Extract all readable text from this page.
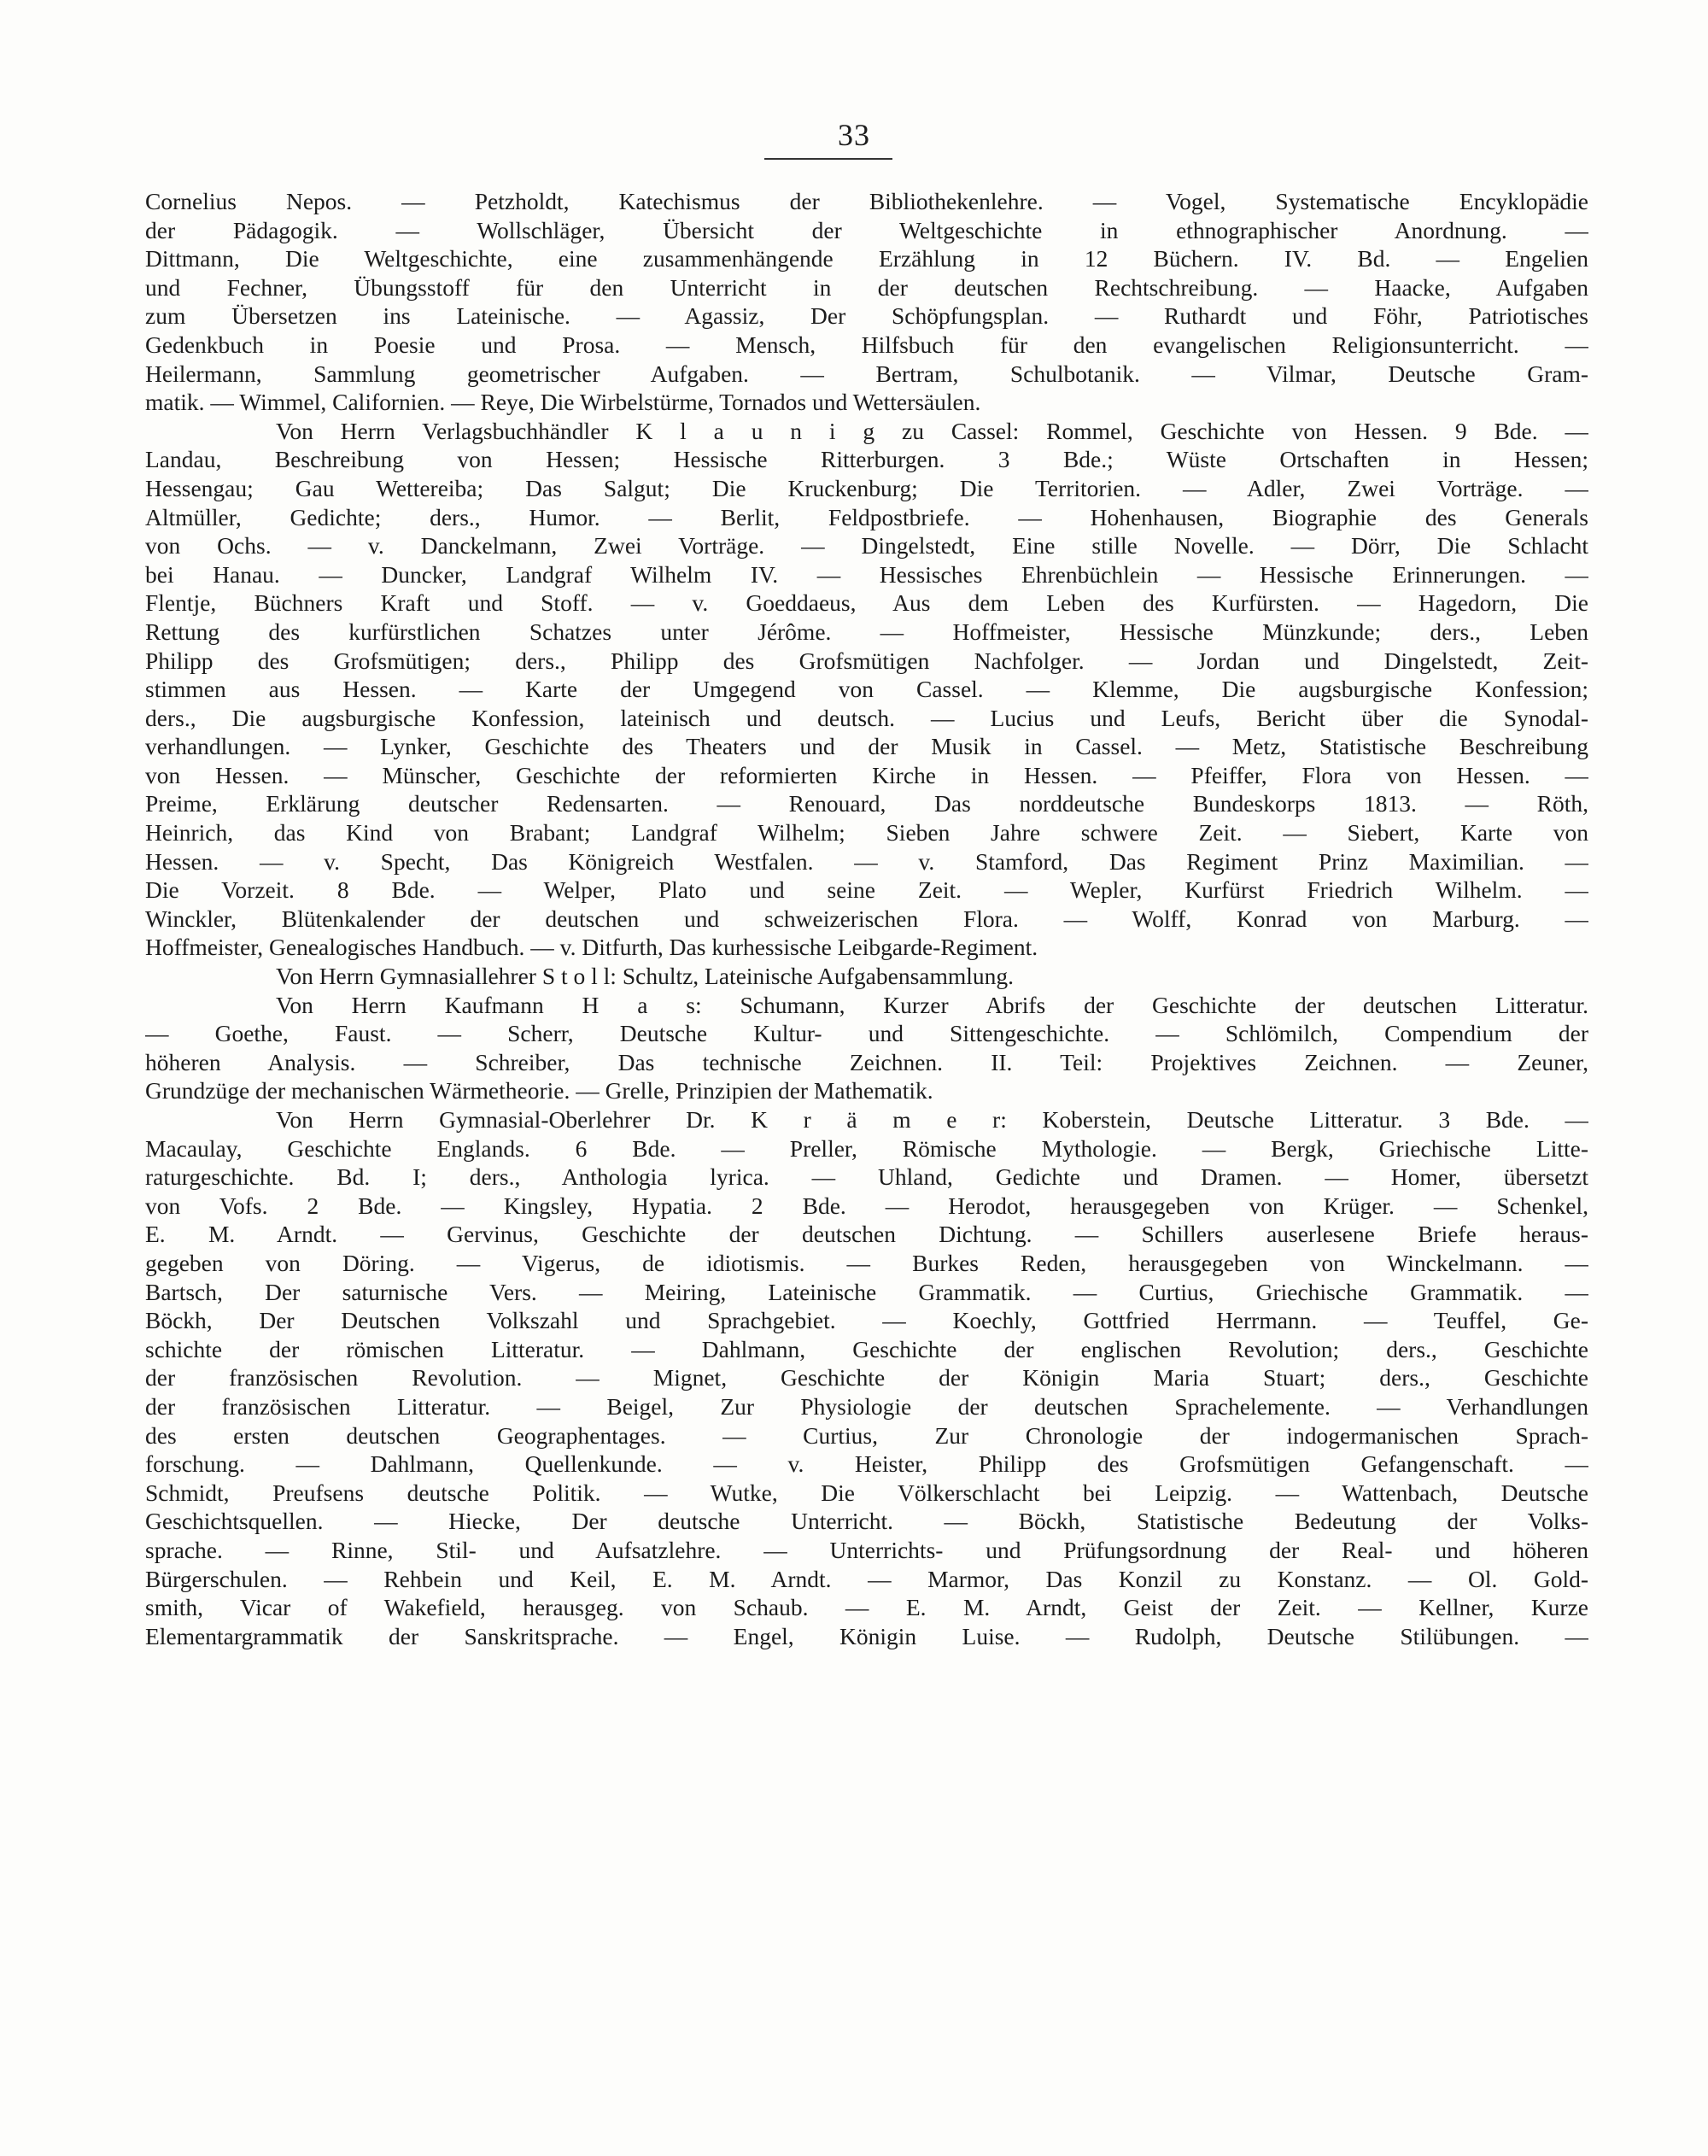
33
Cornelius Nepos. — Petzholdt, Katechismus der Bibliothekenlehre. — Vogel, Systematische Encyklopädie
der Pädagogik. — Wollschläger, Übersicht der Weltgeschichte in ethnographischer Anordnung. —
Dittmann, Die Weltgeschichte, eine zusammenhängende Erzählung in 12 Büchern. IV. Bd. — Engelien
und Fechner, Übungsstoff für den Unterricht in der deutschen Rechtschreibung. — Haacke, Aufgaben
zum Übersetzen ins Lateinische. — Agassiz, Der Schöpfungsplan. — Ruthardt und Föhr, Patriotisches
Gedenkbuch in Poesie und Prosa. — Mensch, Hilfsbuch für den evangelischen Religionsunterricht. —
Heilermann, Sammlung geometrischer Aufgaben. — Bertram, Schulbotanik. — Vilmar, Deutsche Gram-
matik. — Wimmel, Californien. — Reye, Die Wirbelstürme, Tornados und Wettersäulen.
Von Herrn Verlagsbuchhändler K l a u n i g zu Cassel: Rommel, Geschichte von Hessen. 9 Bde. —
Landau, Beschreibung von Hessen; Hessische Ritterburgen. 3 Bde.; Wüste Ortschaften in Hessen;
Hessengau; Gau Wettereiba; Das Salgut; Die Kruckenburg; Die Territorien. — Adler, Zwei Vorträge. —
Altmüller, Gedichte; ders., Humor. — Berlit, Feldpostbriefe. — Hohenhausen, Biographie des Generals
von Ochs. — v. Danckelmann, Zwei Vorträge. — Dingelstedt, Eine stille Novelle. — Dörr, Die Schlacht
bei Hanau. — Duncker, Landgraf Wilhelm IV. — Hessisches Ehrenbüchlein — Hessische Erinnerungen. —
Flentje, Büchners Kraft und Stoff. — v. Goeddaeus, Aus dem Leben des Kurfürsten. — Hagedorn, Die
Rettung des kurfürstlichen Schatzes unter Jérôme. — Hoffmeister, Hessische Münzkunde; ders., Leben
Philipp des Grofsmütigen; ders., Philipp des Grofsmütigen Nachfolger. — Jordan und Dingelstedt, Zeit-
stimmen aus Hessen. — Karte der Umgegend von Cassel. — Klemme, Die augsburgische Konfession;
ders., Die augsburgische Konfession, lateinisch und deutsch. — Lucius und Leufs, Bericht über die Synodal-
verhandlungen. — Lynker, Geschichte des Theaters und der Musik in Cassel. — Metz, Statistische Beschreibung
von Hessen. — Münscher, Geschichte der reformierten Kirche in Hessen. — Pfeiffer, Flora von Hessen. —
Preime, Erklärung deutscher Redensarten. — Renouard, Das norddeutsche Bundeskorps 1813. — Röth,
Heinrich, das Kind von Brabant; Landgraf Wilhelm; Sieben Jahre schwere Zeit. — Siebert, Karte von
Hessen. — v. Specht, Das Königreich Westfalen. — v. Stamford, Das Regiment Prinz Maximilian. —
Die Vorzeit. 8 Bde. — Welper, Plato und seine Zeit. — Wepler, Kurfürst Friedrich Wilhelm. —
Winckler, Blütenkalender der deutschen und schweizerischen Flora. — Wolff, Konrad von Marburg. —
Hoffmeister, Genealogisches Handbuch. — v. Ditfurth, Das kurhessische Leibgarde-Regiment.
Von Herrn Gymnasiallehrer S t o l l: Schultz, Lateinische Aufgabensammlung.
Von Herrn Kaufmann H a s: Schumann, Kurzer Abrifs der Geschichte der deutschen Litteratur.
— Goethe, Faust. — Scherr, Deutsche Kultur- und Sittengeschichte. — Schlömilch, Compendium der
höheren Analysis. — Schreiber, Das technische Zeichnen. II. Teil: Projektives Zeichnen. — Zeuner,
Grundzüge der mechanischen Wärmetheorie. — Grelle, Prinzipien der Mathematik.
Von Herrn Gymnasial-Oberlehrer Dr. K r ä m e r: Koberstein, Deutsche Litteratur. 3 Bde. —
Macaulay, Geschichte Englands. 6 Bde. — Preller, Römische Mythologie. — Bergk, Griechische Litte-
raturgeschichte. Bd. I; ders., Anthologia lyrica. — Uhland, Gedichte und Dramen. — Homer, übersetzt
von Vofs. 2 Bde. — Kingsley, Hypatia. 2 Bde. — Herodot, herausgegeben von Krüger. — Schenkel,
E. M. Arndt. — Gervinus, Geschichte der deutschen Dichtung. — Schillers auserlesene Briefe heraus-
gegeben von Döring. — Vigerus, de idiotismis. — Burkes Reden, herausgegeben von Winckelmann. —
Bartsch, Der saturnische Vers. — Meiring, Lateinische Grammatik. — Curtius, Griechische Grammatik. —
Böckh, Der Deutschen Volkszahl und Sprachgebiet. — Koechly, Gottfried Herrmann. — Teuffel, Ge-
schichte der römischen Litteratur. — Dahlmann, Geschichte der englischen Revolution; ders., Geschichte
der französischen Revolution. — Mignet, Geschichte der Königin Maria Stuart; ders., Geschichte
der französischen Litteratur. — Beigel, Zur Physiologie der deutschen Sprachelemente. — Verhandlungen
des ersten deutschen Geographentages. — Curtius, Zur Chronologie der indogermanischen Sprach-
forschung. — Dahlmann, Quellenkunde. — v. Heister, Philipp des Grofsmütigen Gefangenschaft. —
Schmidt, Preufsens deutsche Politik. — Wutke, Die Völkerschlacht bei Leipzig. — Wattenbach, Deutsche
Geschichtsquellen. — Hiecke, Der deutsche Unterricht. — Böckh, Statistische Bedeutung der Volks-
sprache. — Rinne, Stil- und Aufsatzlehre. — Unterrichts- und Prüfungsordnung der Real- und höheren
Bürgerschulen. — Rehbein und Keil, E. M. Arndt. — Marmor, Das Konzil zu Konstanz. — Ol. Gold-
smith, Vicar of Wakefield, herausgeg. von Schaub. — E. M. Arndt, Geist der Zeit. — Kellner, Kurze
Elementargrammatik der Sanskritsprache. — Engel, Königin Luise. — Rudolph, Deutsche Stilübungen. —
